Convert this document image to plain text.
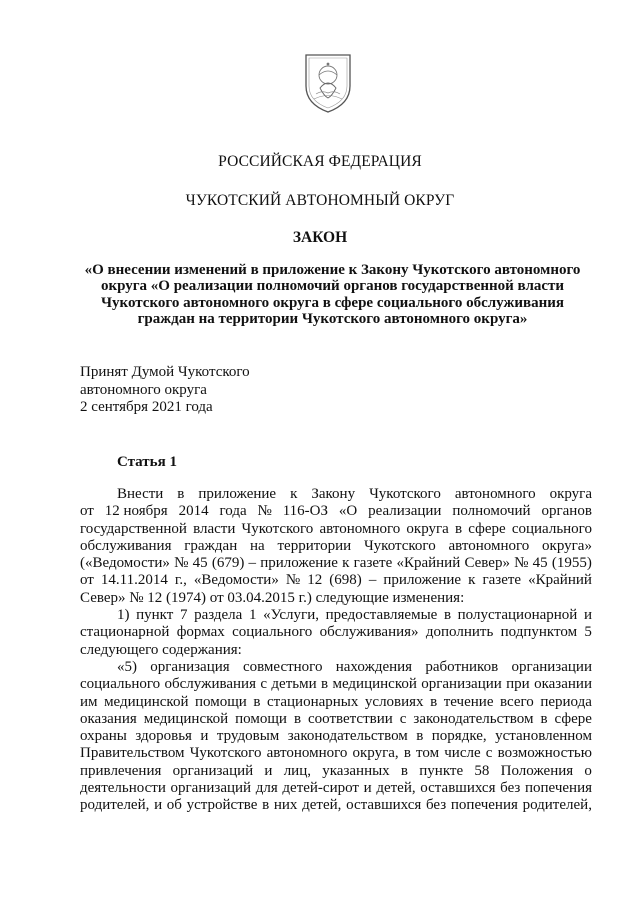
РОССИЙСКАЯ ФЕДЕРАЦИЯ
ЧУКОТСКИЙ АВТОНОМНЫЙ ОКРУГ
ЗАКОН
«О внесении изменений в приложение к Закону Чукотского автономного
округа «О реализации полномочий органов государственной власти
Чукотского автономного округа в сфере социального обслуживания
граждан на территории Чукотского автономного округа»
Принят Думой Чукотского
автономного округа
2 сентября 2021 года
Статья 1
Внести в приложение к Закону Чукотского автономного округа
от 12 ноября 2014 года № 116-ОЗ «О реализации полномочий органов
государственной власти Чукотского автономного округа в сфере социального
обслуживания граждан на территории Чукотского автономного округа»
(«Ведомости» № 45 (679) – приложение к газете «Крайний Север» № 45 (1955)
от 14.11.2014 г., «Ведомости» № 12 (698) – приложение к газете «Крайний
Север» № 12 (1974) от 03.04.2015 г.) следующие изменения:
1) пункт 7 раздела 1 «Услуги, предоставляемые в полустационарной и
стационарной формах социального обслуживания» дополнить подпунктом 5
следующего содержания:
«5) организация совместного нахождения работников организации
социального обслуживания с детьми в медицинской организации при оказании
им медицинской помощи в стационарных условиях в течение всего периода
оказания медицинской помощи в соответствии с законодательством в сфере
охраны здоровья и трудовым законодательством в порядке, установленном
Правительством Чукотского автономного округа, в том числе с возможностью
привлечения организаций и лиц, указанных в пункте 58 Положения о
деятельности организаций для детей-сирот и детей, оставшихся без попечения
родителей, и об устройстве в них детей, оставшихся без попечения родителей,
